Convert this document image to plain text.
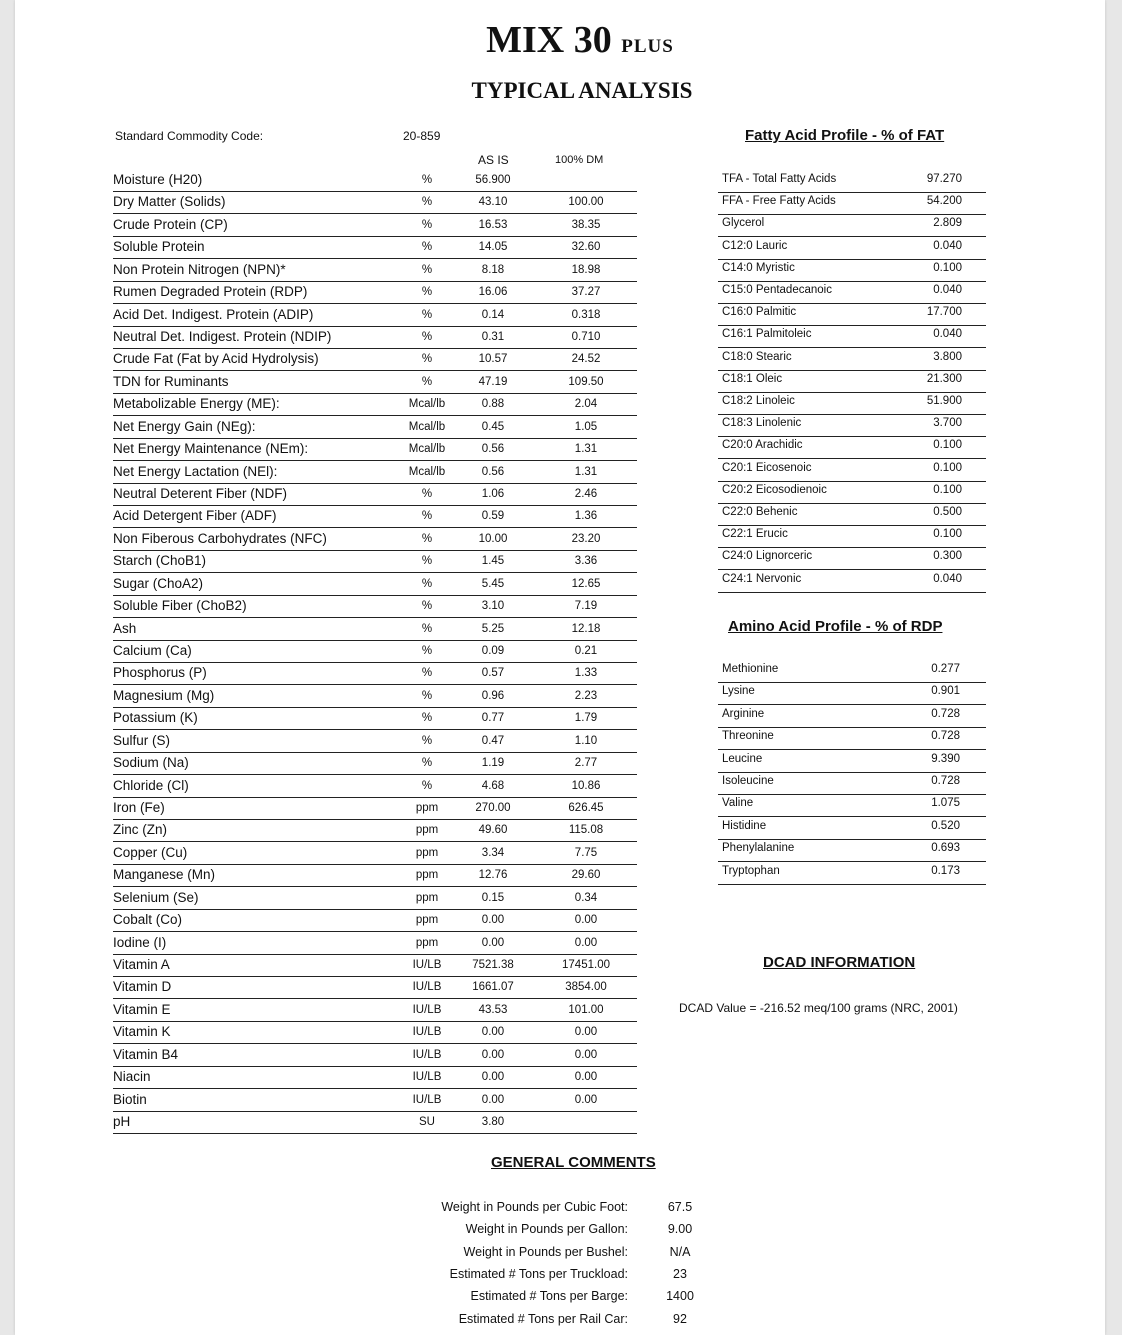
MIX 30 PLUS
TYPICAL ANALYSIS
Standard Commodity Code:	20-859
AS IS	100% DM
Moisture (H20)	%	56.900
Dry Matter (Solids)	%	43.10	100.00
Crude Protein (CP)	%	16.53	38.35
Soluble Protein	%	14.05	32.60
Non Protein Nitrogen (NPN)*	%	8.18	18.98
Rumen Degraded Protein (RDP)	%	16.06	37.27
Acid Det. Indigest. Protein (ADIP)	%	0.14	0.318
Neutral Det. Indigest. Protein (NDIP)	%	0.31	0.710
Crude Fat (Fat by Acid Hydrolysis)	%	10.57	24.52
TDN for Ruminants	%	47.19	109.50
Metabolizable Energy (ME):	Mcal/lb	0.88	2.04
Net Energy Gain (NEg):	Mcal/lb	0.45	1.05
Net Energy Maintenance (NEm):	Mcal/lb	0.56	1.31
Net Energy Lactation (NEl):	Mcal/lb	0.56	1.31
Neutral Deterent Fiber (NDF)	%	1.06	2.46
Acid Detergent Fiber (ADF)	%	0.59	1.36
Non Fiberous Carbohydrates (NFC)	%	10.00	23.20
Starch (ChoB1)	%	1.45	3.36
Sugar (ChoA2)	%	5.45	12.65
Soluble Fiber (ChoB2)	%	3.10	7.19
Ash	%	5.25	12.18
Calcium (Ca)	%	0.09	0.21
Phosphorus (P)	%	0.57	1.33
Magnesium (Mg)	%	0.96	2.23
Potassium (K)	%	0.77	1.79
Sulfur (S)	%	0.47	1.10
Sodium (Na)	%	1.19	2.77
Chloride (Cl)	%	4.68	10.86
Iron (Fe)	ppm	270.00	626.45
Zinc (Zn)	ppm	49.60	115.08
Copper (Cu)	ppm	3.34	7.75
Manganese (Mn)	ppm	12.76	29.60
Selenium (Se)	ppm	0.15	0.34
Cobalt (Co)	ppm	0.00	0.00
Iodine (I)	ppm	0.00	0.00
Vitamin A	IU/LB	7521.38	17451.00
Vitamin D	IU/LB	1661.07	3854.00
Vitamin E	IU/LB	43.53	101.00
Vitamin K	IU/LB	0.00	0.00
Vitamin B4	IU/LB	0.00	0.00
Niacin	IU/LB	0.00	0.00
Biotin	IU/LB	0.00	0.00
pH	SU	3.80
Fatty Acid Profile - % of FAT
TFA - Total Fatty Acids	97.270
FFA - Free Fatty Acids	54.200
Glycerol	2.809
C12:0 Lauric	0.040
C14:0 Myristic	0.100
C15:0 Pentadecanoic	0.040
C16:0 Palmitic	17.700
C16:1 Palmitoleic	0.040
C18:0 Stearic	3.800
C18:1 Oleic	21.300
C18:2 Linoleic	51.900
C18:3 Linolenic	3.700
C20:0 Arachidic	0.100
C20:1 Eicosenoic	0.100
C20:2 Eicosodienoic	0.100
C22:0 Behenic	0.500
C22:1 Erucic	0.100
C24:0 Lignorceric	0.300
C24:1 Nervonic	0.040
Amino Acid Profile - % of RDP
Methionine	0.277
Lysine	0.901
Arginine	0.728
Threonine	0.728
Leucine	9.390
Isoleucine	0.728
Valine	1.075
Histidine	0.520
Phenylalanine	0.693
Tryptophan	0.173
DCAD INFORMATION
DCAD Value = -216.52 meq/100 grams (NRC, 2001)
GENERAL COMMENTS
Weight in Pounds per Cubic Foot:	67.5
Weight in Pounds per Gallon:	9.00
Weight in Pounds per Bushel:	N/A
Estimated # Tons per Truckload:	23
Estimated # Tons per Barge:	1400
Estimated # Tons per Rail Car:	92
